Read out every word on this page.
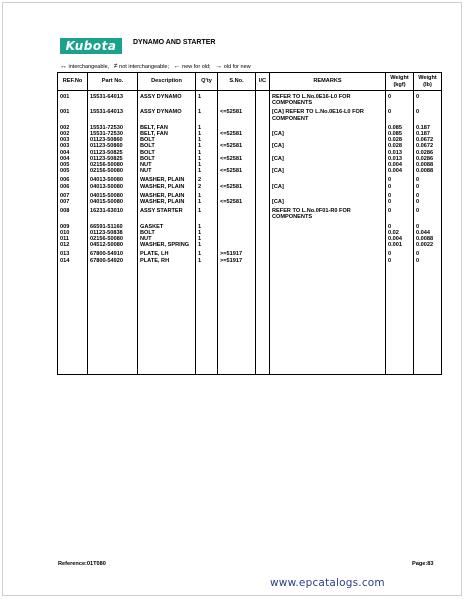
Kubota	DYNAMO AND STARTER
↔ interchangeable, ≠ not interchangeable; ← new for old; → old for new
REF.No	Part No.	Description	Q'ty	S.No.	I/C	REMARKS	Weight (kgf)	Weight (lb)

001	15531-64013	ASSY DYNAMO	1			REFER TO L.No.0E16-L0 FOR COMPONENTS	0	0

001	15531-64013	ASSY DYNAMO	1	<=52581		[CA] REFER TO L.No.0E16-L0 FOR COMPONENT	0	0

002	15531-72530	BELT, FAN	1				0.085	0.187
002	15531-72530	BELT, FAN	1	<=52581		[CA]	0.085	0.187
003	01123-50860	BOLT	1				0.028	0.0672
003	01123-50860	BOLT	1	<=52581		[CA]	0.028	0.0672
004	01123-50825	BOLT	1				0.013	0.0286
004	01123-50825	BOLT	1	<=52581		[CA]	0.013	0.0286
005	02156-50080	NUT	1				0.004	0.0088
005	02156-50080	NUT	1	<=52581		[CA]	0.004	0.0088

006	04013-50080	WASHER, PLAIN	2				0	0
006	04013-50080	WASHER, PLAIN	2	<=52581		[CA]	0	0

007	04015-50080	WASHER, PLAIN	1				0	0
007	04015-50080	WASHER, PLAIN	1	<=52581		[CA]	0	0

008	16231-63010	ASSY STARTER	1			REFER TO L.No.0F01-R0 FOR COMPONENTS	0	0

009	66591-51160	GASKET	1				0	0
010	01123-50838	BOLT	1				0.02	0.044
011	02156-50080	NUT	1				0.004	0.0088
012	04512-50080	WASHER, SPRING	1				0.001	0.0022

013	67800-54910	PLATE, LH	1	>=51917			0	0
014	67800-54920	PLATE, RH	1	>=51917			0	0

Reference:01T080	Page:83
www.epcatalogs.com
